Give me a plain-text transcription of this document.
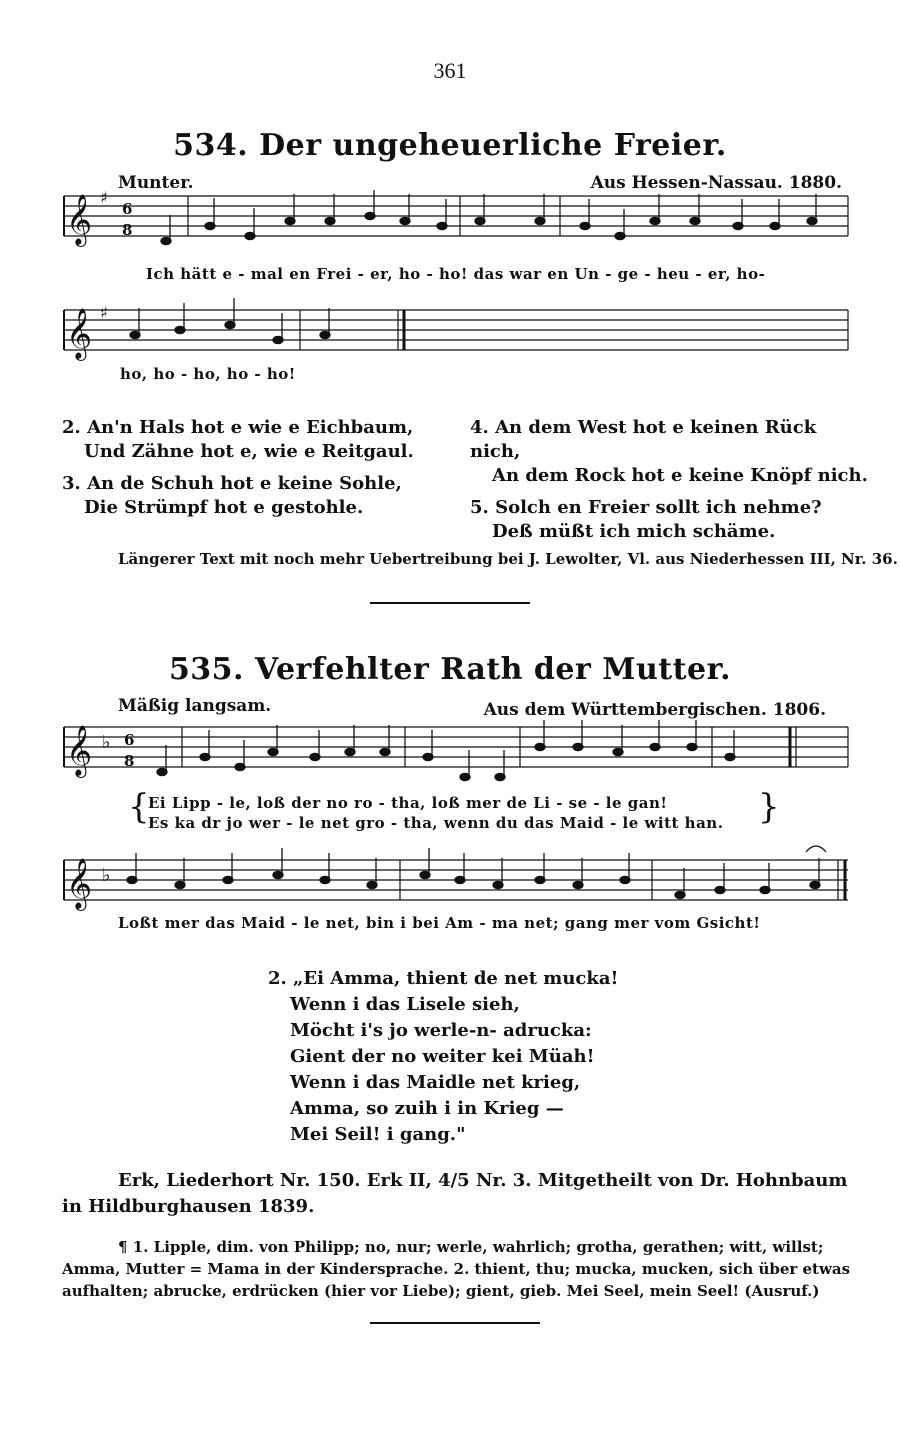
361
534. Der ungeheuerliche Freier.
Munter.	Aus Hessen-Nassau. 1880.
𝄞 ♯
6
8
𝄞 ♯
𝄞 ♭ 6
8
𝄞 ♭
Ich hätt e - mal en Frei - er, ho - ho! das war en Un - ge - heu - er, ho-
ho, ho - ho, ho - ho!
2. An'n Hals hot e wie e Eichbaum,
Und Zähne hot e, wie e Reitgaul.
3. An de Schuh hot e keine Sohle,
Die Strümpf hot e gestohle.
4. An dem West hot e keinen Rück nich,
An dem Rock hot e keine Knöpf nich.
5. Solch en Freier sollt ich nehme?
Deß müßt ich mich schäme.
Längerer Text mit noch mehr Uebertreibung bei J. Lewolter, Vl. aus Niederhessen III, Nr. 36.
535. Verfehlter Rath der Mutter.
Mäßig langsam.	Aus dem Württembergischen. 1806.
{	}
Ei Lipp - le, loß der no ro - tha, loß mer de Li - se - le gan!
Es ka dr jo wer - le net gro - tha, wenn du das Maid - le witt han.
Loßt mer das Maid - le net, bin i bei Am - ma net; gang mer vom Gsicht!
2. „Ei Amma, thient de net mucka!
Wenn i das Lisele sieh,
Möcht i's jo werle-n- adrucka:
Gient der no weiter kei Müah!
Wenn i das Maidle net krieg,
Amma, so zuih i in Krieg —
Mei Seil! i gang."
Erk, Liederhort Nr. 150. Erk II, 4/5 Nr. 3. Mitgetheilt von Dr. Hohnbaum
in Hildburghausen 1839.
¶ 1. Lipple, dim. von Philipp; no, nur; werle, wahrlich; grotha, gerathen; witt, willst;
Amma, Mutter = Mama in der Kindersprache. 2. thient, thu; mucka, mucken, sich über etwas
aufhalten; abrucke, erdrücken (hier vor Liebe); gient, gieb. Mei Seel, mein Seel! (Ausruf.)
